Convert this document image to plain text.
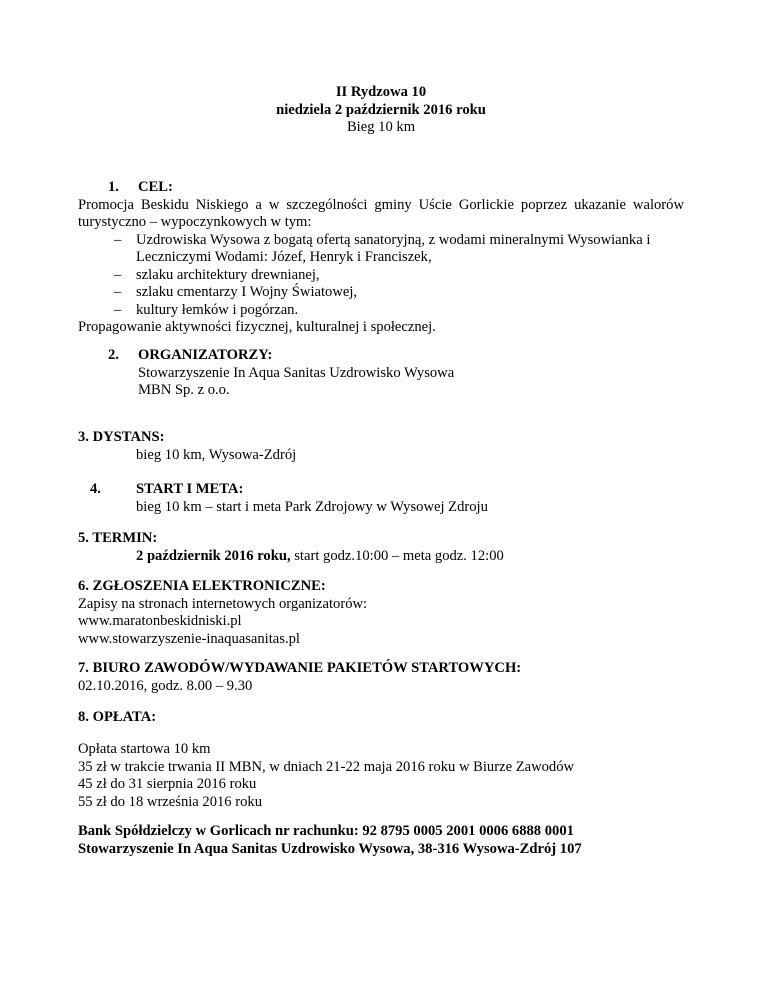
II Rydzowa 10
niedziela 2 październik 2016 roku
Bieg 10 km
1. CEL:

Promocja Beskidu Niskiego a w szczególności gminy Uście Gorlickie poprzez ukazanie walorów turystyczno – wypoczynkowych w tym:

– Uzdrowiska Wysowa z bogatą ofertą sanatoryjną, z wodami mineralnymi Wysowianka i Leczniczymi Wodami: Józef, Henryk i Franciszek,
– szlaku architektury drewnianej,
– szlaku cmentarzy I Wojny Światowej,
– kultury łemków i pogórzan.

Propagowanie aktywności fizycznej, kulturalnej i społecznej.

2. ORGANIZATORZY:
Stowarzyszenie In Aqua Sanitas Uzdrowisko Wysowa
MBN Sp. z o.o.
3. DYSTANS:
bieg 10 km, Wysowa-Zdrój
4. START I META:
bieg 10 km – start i meta Park Zdrojowy w Wysowej Zdroju
5. TERMIN:
2 październik 2016 roku, start godz.10:00 – meta godz. 12:00
6. ZGŁOSZENIA ELEKTRONICZNE:
Zapisy na stronach internetowych organizatorów:
www.maratonbeskidniski.pl
www.stowarzyszenie-inaquasanitas.pl
7. BIURO ZAWODÓW/WYDAWANIE PAKIETÓW STARTOWYCH:
02.10.2016, godz. 8.00 – 9.30
8. OPŁATA:
Opłata startowa 10 km
35 zł w trakcie trwania II MBN, w dniach 21-22 maja 2016 roku w Biurze Zawodów
45 zł do 31 sierpnia 2016 roku
55 zł do 18 września 2016 roku
Bank Spółdzielczy w Gorlicach nr rachunku: 92 8795 0005 2001 0006 6888 0001
Stowarzyszenie In Aqua Sanitas Uzdrowisko Wysowa, 38-316 Wysowa-Zdrój 107
